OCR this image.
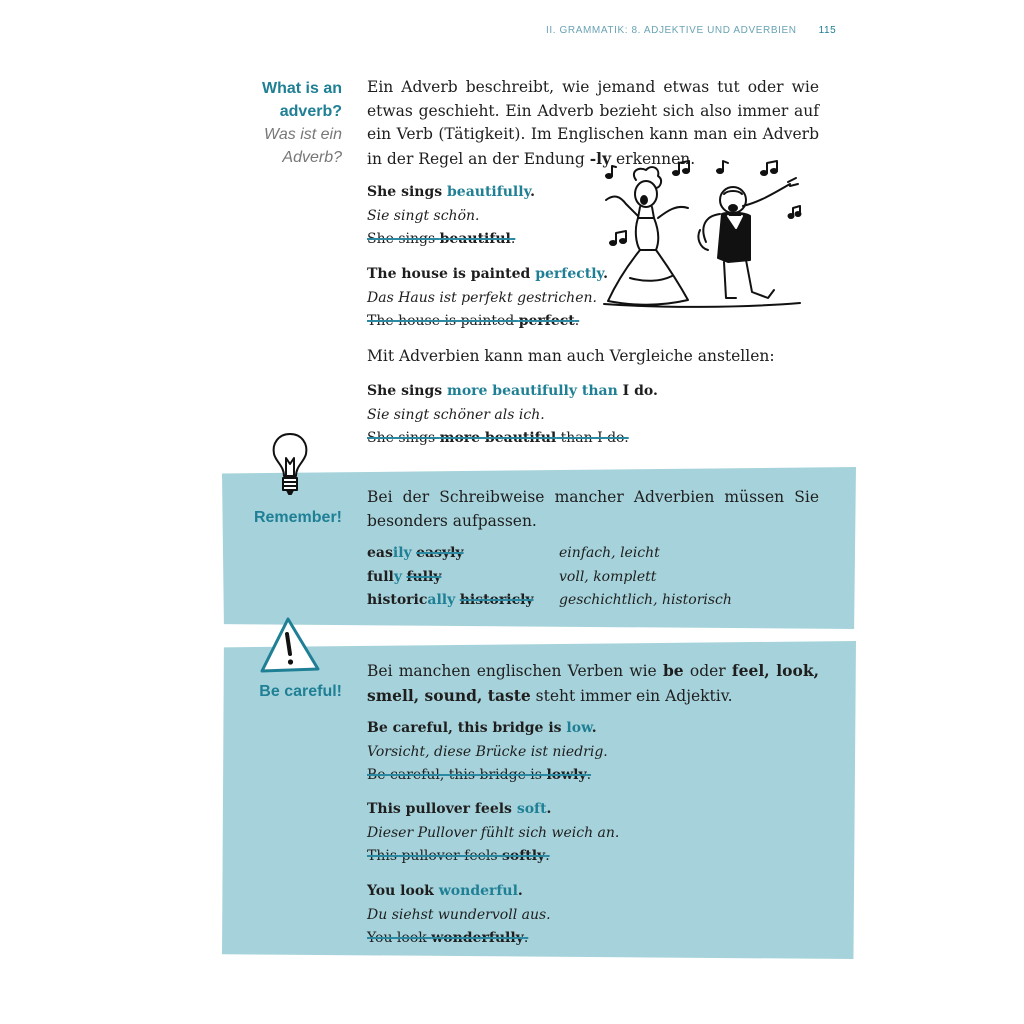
II. GRAMMATIK: 8. ADJEKTIVE UND ADVERBIEN 115
What is an
adverb?
Was ist ein
Adverb?
Ein Adverb beschreibt, wie jemand etwas tut oder wie etwas geschieht. Ein Adverb bezieht sich also immer auf ein Verb (Tätigkeit). Im Englischen kann man ein Adverb in der Regel an der Endung -ly erkennen.
She sings beautifully.
Sie singt schön.
She sings beautiful.
The house is painted perfectly.
Das Haus ist perfekt gestrichen.
The house is painted perfect.
Mit Adverbien kann man auch Vergleiche anstellen:
She sings more beautifully than I do.
Sie singt schöner als ich.
She sings more beautiful than I do.
Remember!
Bei der Schreibweise mancher Adverbien müssen Sie besonders aufpassen.
easily easyly	einfach, leicht
fully fully	voll, komplett
historically historicly geschichtlich, historisch
Be careful!
Bei manchen englischen Verben wie be oder feel, look, smell, sound, taste steht immer ein Adjektiv.
Be careful, this bridge is low.
Vorsicht, diese Brücke ist niedrig.
Be careful, this bridge is lowly.
This pullover feels soft.
Dieser Pullover fühlt sich weich an.
This pullover feels softly.
You look wonderful.
Du siehst wundervoll aus.
You look wonderfully.
